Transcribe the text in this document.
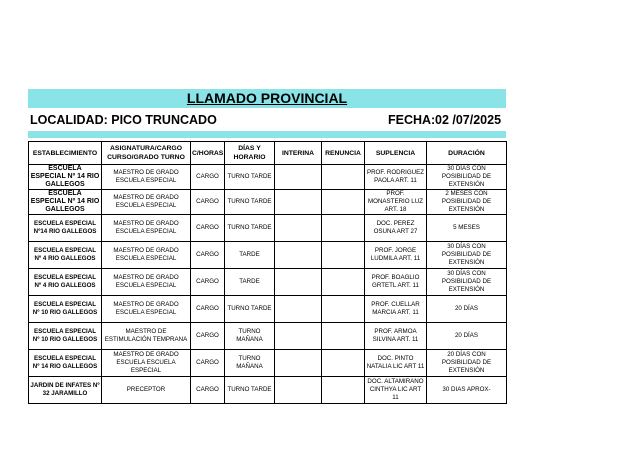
LLAMADO PROVINCIAL
LOCALIDAD: PICO TRUNCADO	FECHA: 02 /07/2025
ESTABLECIMIENTO	ASIGNATURA/CARGO CURSO/GRADO TURNO	C/HORAS	DÍAS Y HORARIO	INTERINA	RENUNCIA	SUPLENCIA	DURACIÓN
ESCUELA ESPECIAL Nº 14 RIO GALLEGOS	MAESTRO DE GRADO ESCUELA ESPECIAL	CARGO	TURNO TARDE			PROF. RODRIGUEZ PAOLA ART. 11	30 DÍAS CON POSIBILIDAD DE EXTENSIÓN
ESCUELA ESPECIAL Nº 14 RIO GALLEGOS	MAESTRO DE GRADO ESCUELA ESPECIAL	CARGO	TURNO TARDE			PROF. MONASTERIO LUZ ART. 18	2 MESES CON POSIBILIDAD DE EXTENSIÓN
ESCUELA ESPECIAL Nº14 RIO GALLEGOS	MAESTRO DE GRADO ESCUELA ESPECIAL	CARGO	TURNO TARDE			DOC. PEREZ OSUNA ART 27	5 MESES
ESCUELA ESPECIAL Nº 4 RIO GALLEGOS	MAESTRO DE GRADO ESCUELA ESPECIAL	CARGO	TARDE			PROF. JORGE LUDMILA ART. 11	30 DÍAS CON POSIBILIDAD DE EXTENSIÓN
ESCUELA ESPECIAL Nº 4 RIO GALLEGOS	MAESTRO DE GRADO ESCUELA ESPECIAL	CARGO	TARDE			PROF. BOAGLIO GRTETL ART. 11	30 DÍAS CON POSIBILIDAD DE EXTENSIÓN
ESCUELA ESPECIAL Nº 10 RIO GALLEGOS	MAESTRO DE GRADO ESCUELA ESPECIAL	CARGO	TURNO TARDE			PROF. CUELLAR MARCIA ART. 11	20 DÍAS
ESCUELA ESPECIAL Nº 10 RIO GALLEGOS	MAESTRO DE ESTIMULACIÓN TEMPRANA	CARGO	TURNO MAÑANA			PROF. ARMOA SILVINA ART. 11	20 DÍAS
ESCUELA ESPECIAL Nº 14 RIO GALLEGOS	MAESTRO DE GRADO ESCUELA ESCUELA ESPECIAL	CARGO	TURNO MAÑANA			DOC. PINTO NATALIA LIC ART 11	20 DÍAS CON POSIBILIDAD DE EXTENSIÓN
JARDIN DE INFATES Nº 32 JARAMILLO	PRECEPTOR	CARGO	TURNO TARDE			DOC. ALTAMIRANO CINTHYA LIC ART 11	30 DIAS APROX-
